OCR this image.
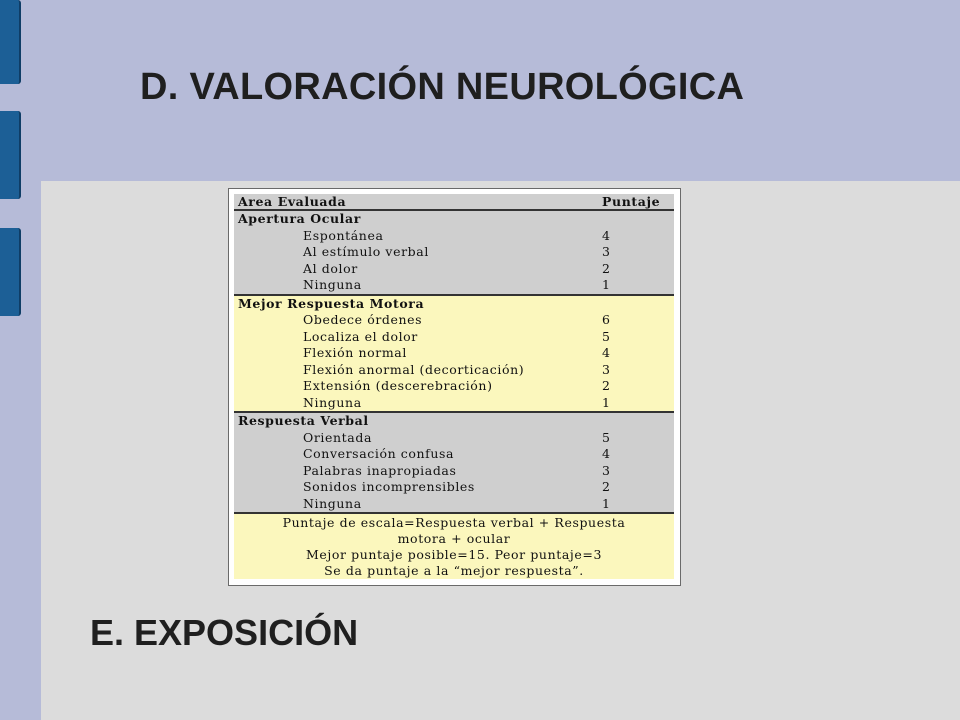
D. VALORACIÓN NEUROLÓGICA
Area Evaluada	Puntaje
Apertura Ocular
Espontánea	4
Al estímulo verbal	3
Al dolor	2
Ninguna	1
Mejor Respuesta Motora
Obedece órdenes	6
Localiza el dolor	5
Flexión normal	4
Flexión anormal (decorticación)	3
Extensión (descerebración)	2
Ninguna	1
Respuesta Verbal
Orientada	5
Conversación confusa	4
Palabras inapropiadas	3
Sonidos incomprensibles	2
Ninguna	1
Puntaje de escala=Respuesta verbal + Respuesta
motora + ocular
Mejor puntaje posible=15. Peor puntaje=3
Se da puntaje a la “mejor respuesta”.
E. EXPOSICIÓN
